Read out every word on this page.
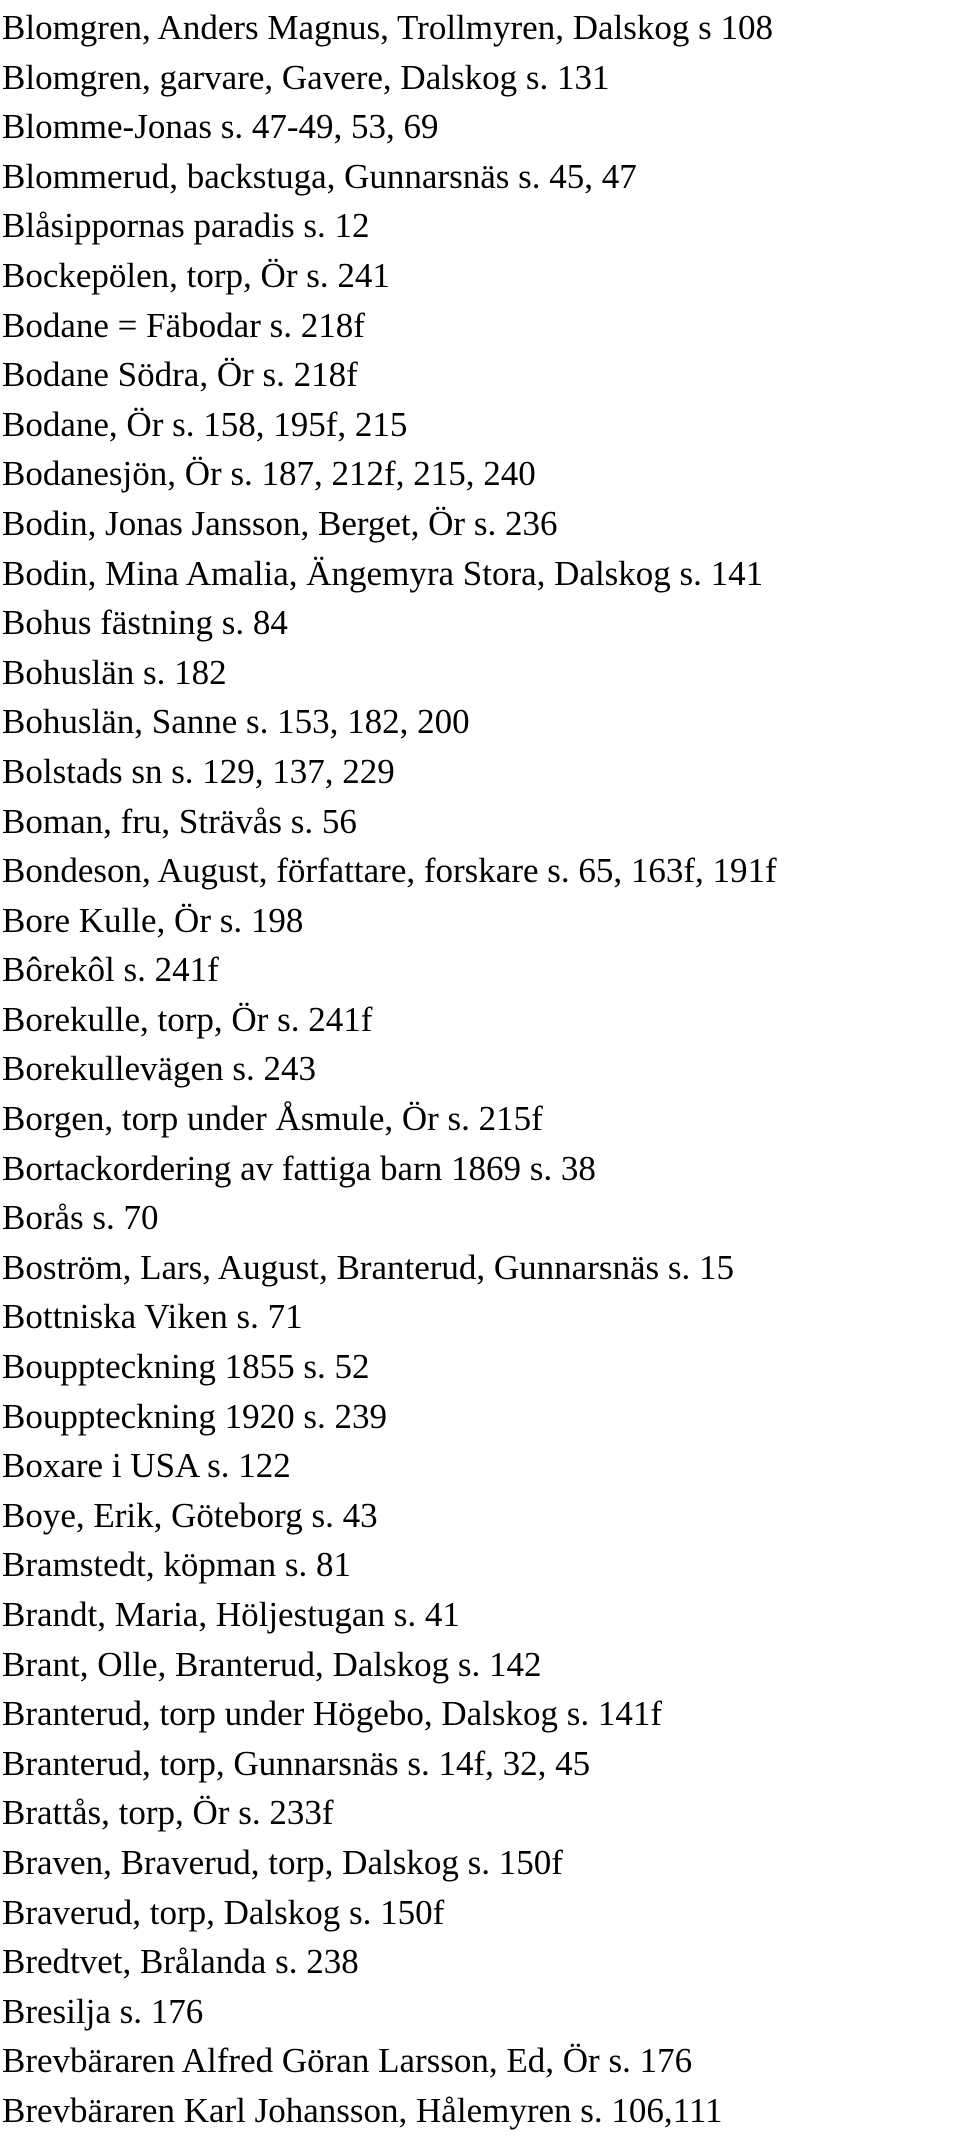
Blomgren, Anders Magnus, Trollmyren, Dalskog s 108
Blomgren, garvare, Gavere, Dalskog s. 131
Blomme-Jonas s. 47-49, 53, 69
Blommerud, backstuga, Gunnarsnäs s. 45, 47
Blåsippornas paradis s. 12
Bockepölen, torp, Ör s. 241
Bodane = Fäbodar s. 218f
Bodane Södra, Ör s. 218f
Bodane, Ör s. 158, 195f, 215
Bodanesjön, Ör s. 187, 212f, 215, 240
Bodin, Jonas Jansson, Berget, Ör s. 236
Bodin, Mina Amalia, Ängemyra Stora, Dalskog s. 141
Bohus fästning s. 84
Bohuslän s. 182
Bohuslän, Sanne s. 153, 182, 200
Bolstads sn s. 129, 137, 229
Boman, fru, Strävås s. 56
Bondeson, August, författare, forskare s. 65, 163f, 191f
Bore Kulle, Ör s. 198
Bôrekôl s. 241f
Borekulle, torp, Ör s. 241f
Borekullevägen s. 243
Borgen, torp under Åsmule, Ör s. 215f
Bortackordering av fattiga barn 1869 s. 38
Borås s. 70
Boström, Lars, August, Branterud, Gunnarsnäs s. 15
Bottniska Viken s. 71
Bouppteckning 1855 s. 52
Bouppteckning 1920 s. 239
Boxare i USA s. 122
Boye, Erik, Göteborg s. 43
Bramstedt, köpman s. 81
Brandt, Maria, Höljestugan s. 41
Brant, Olle, Branterud, Dalskog s. 142
Branterud, torp under Högebo, Dalskog s. 141f
Branterud, torp, Gunnarsnäs s. 14f, 32, 45
Brattås, torp, Ör s. 233f
Braven, Braverud, torp, Dalskog s. 150f
Braverud, torp, Dalskog s. 150f
Bredtvet, Brålanda s. 238
Bresilja s. 176
Brevbäraren Alfred Göran Larsson, Ed, Ör s. 176
Brevbäraren Karl Johansson, Hålemyren s. 106,111
